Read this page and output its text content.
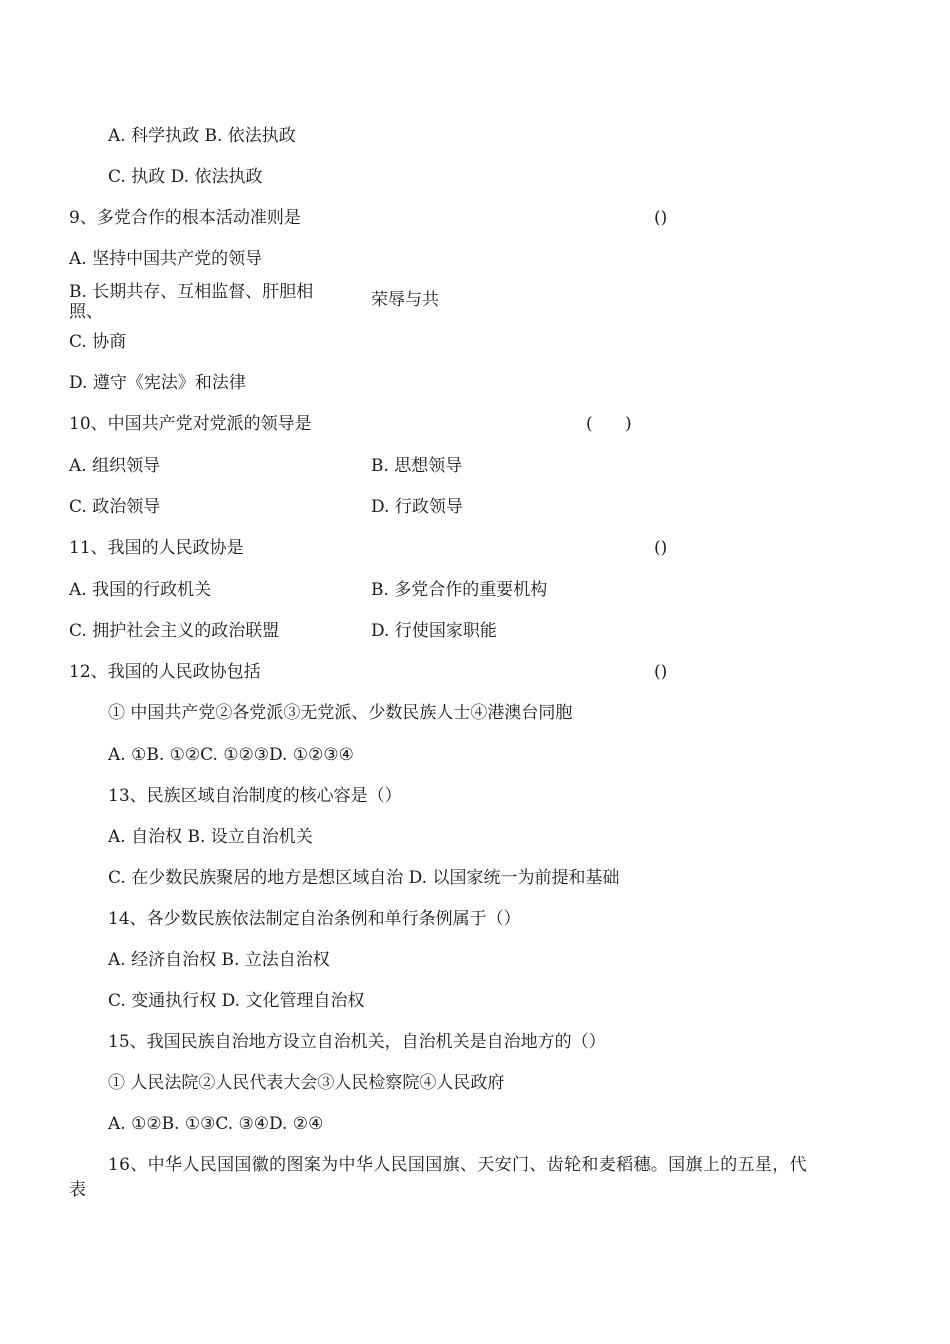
A. 科学执政 B. 依法执政
C. 执政 D. 依法执政
9、多党合作的根本活动准则是	()
A. 坚持中国共产党的领导
B. 长期共存、互相监督、肝胆相照、
荣辱与共
C. 协商
D. 遵守《宪法》和法律
10、中国共产党对党派的领导是	(      )
A. 组织领导	B. 思想领导
C. 政治领导	D. 行政领导
11、我国的人民政协是	()
A. 我国的行政机关	B. 多党合作的重要机构
C. 拥护社会主义的政治联盟	D. 行使国家职能
12、我国的人民政协包括	()
① 中国共产党②各党派③无党派、少数民族人士④港澳台同胞
A. ①B. ①②C. ①②③D. ①②③④
13、民族区域自治制度的核心容是（）
A. 自治权 B. 设立自治机关
C. 在少数民族聚居的地方是想区域自治 D. 以国家统一为前提和基础
14、各少数民族依法制定自治条例和单行条例属于（）
A. 经济自治权 B. 立法自治权
C. 变通执行权 D. 文化管理自治权
15、我国民族自治地方设立自治机关，自治机关是自治地方的（）
① 人民法院②人民代表大会③人民检察院④人民政府
A. ①②B. ①③C. ③④D. ②④
16、中华人民国国徽的图案为中华人民国国旗、天安门、齿轮和麦稻穗。国旗上的五星，代
表
